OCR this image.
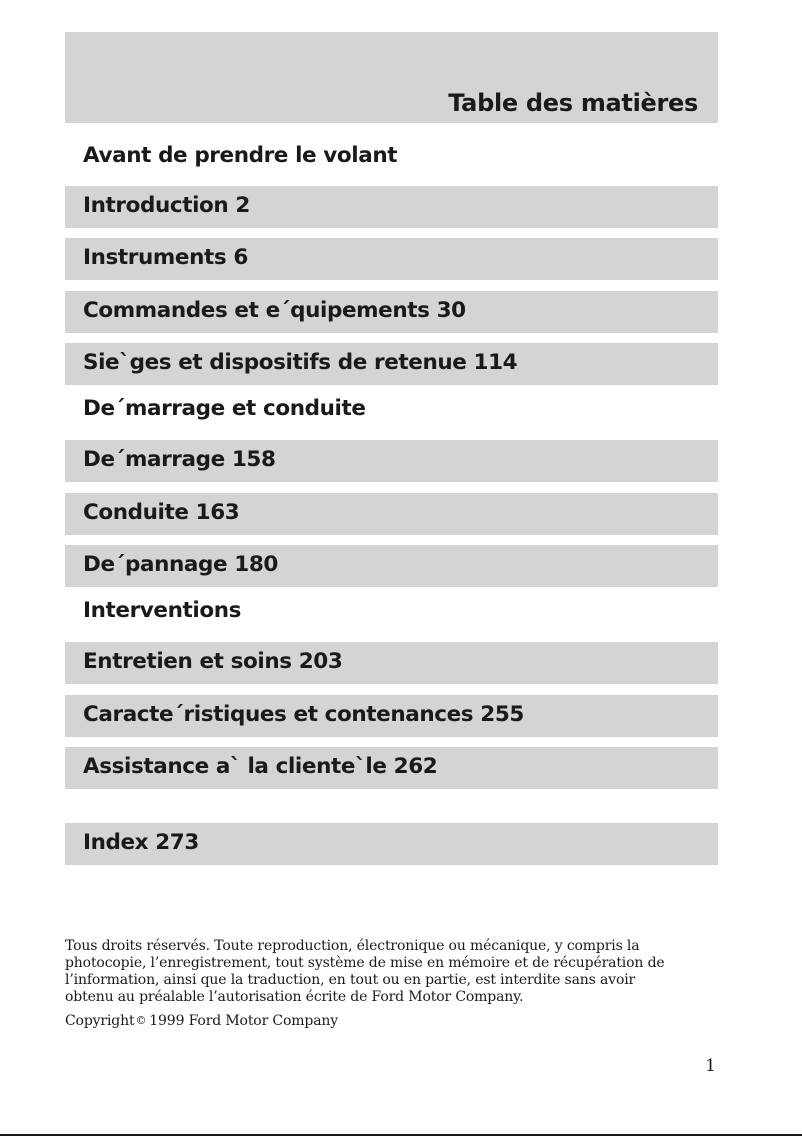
Table des matières
Avant de prendre le volant
Introduction 2
Instruments 6
Commandes et e´quipements 30
Sie`ges et dispositifs de retenue 114
De´marrage et conduite
De´marrage 158
Conduite 163
De´pannage 180
Interventions
Entretien et soins 203
Caracte´ristiques et contenances 255
Assistance a` la cliente`le 262
Index 273
Tous droits réservés. Toute reproduction, électronique ou mécanique, y compris la
photocopie, l’enregistrement, tout système de mise en mémoire et de récupération de
l’information, ainsi que la traduction, en tout ou en partie, est interdite sans avoir
obtenu au préalable l’autorisation écrite de Ford Motor Company.
Copyright© 1999 Ford Motor Company
1
